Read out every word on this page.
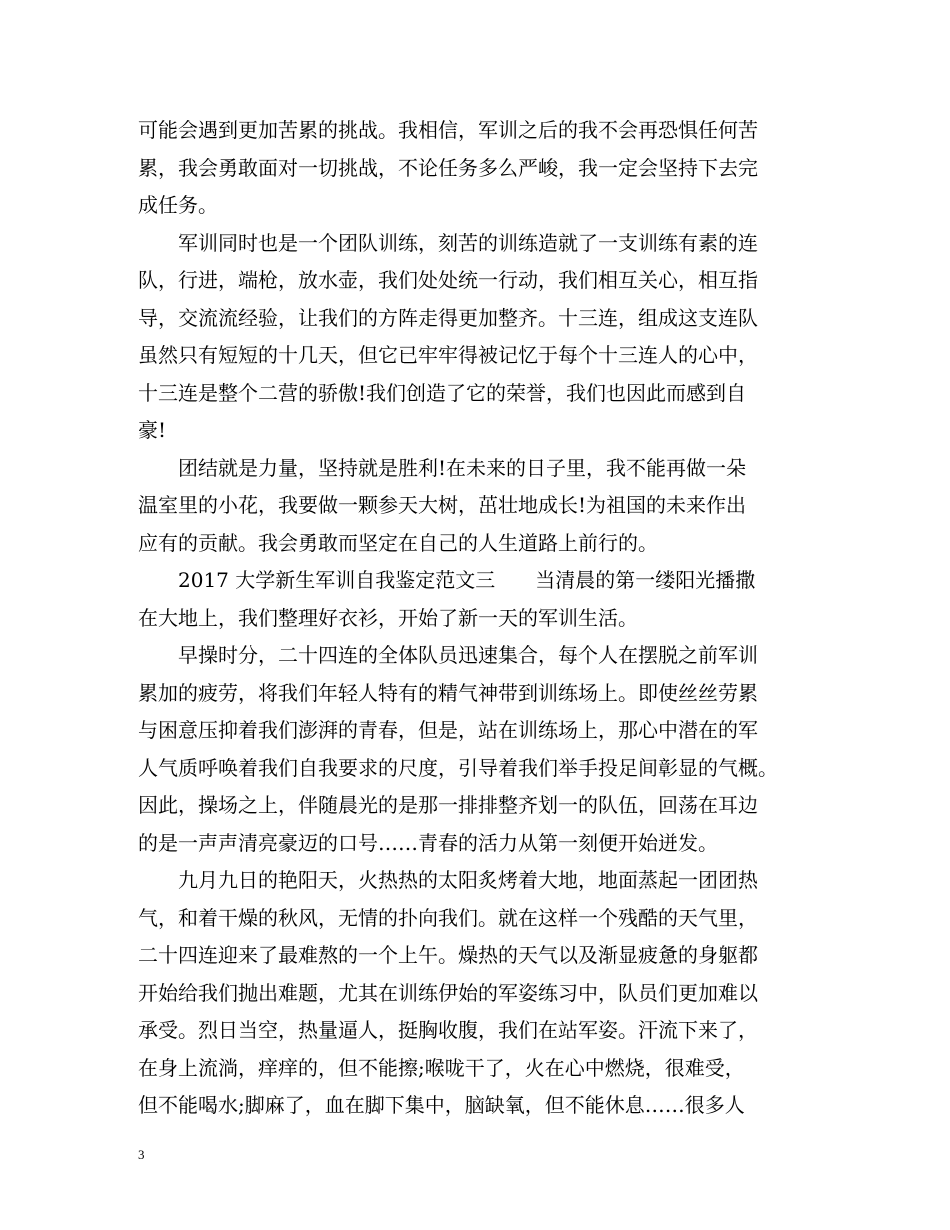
可能会遇到更加苦累的挑战。我相信，军训之后的我不会再恐惧任何苦
累，我会勇敢面对一切挑战，不论任务多么严峻，我一定会坚持下去完
成任务。
军训同时也是一个团队训练，刻苦的训练造就了一支训练有素的连
队，行进，端枪，放水壶，我们处处统一行动，我们相互关心，相互指
导，交流流经验，让我们的方阵走得更加整齐。十三连，组成这支连队
虽然只有短短的十几天，但它已牢牢得被记忆于每个十三连人的心中，
十三连是整个二营的骄傲!我们创造了它的荣誉，我们也因此而感到自
豪!
团结就是力量，坚持就是胜利!在未来的日子里，我不能再做一朵
温室里的小花，我要做一颗参天大树，茁壮地成长!为祖国的未来作出
应有的贡献。我会勇敢而坚定在自己的人生道路上前行的。
2017 大学新生军训自我鉴定范文三　　当清晨的第一缕阳光播撒
在大地上，我们整理好衣衫，开始了新一天的军训生活。
早操时分，二十四连的全体队员迅速集合，每个人在摆脱之前军训
累加的疲劳，将我们年轻人特有的精气神带到训练场上。即使丝丝劳累
与困意压抑着我们澎湃的青春，但是，站在训练场上，那心中潜在的军
人气质呼唤着我们自我要求的尺度，引导着我们举手投足间彰显的气概。
因此，操场之上，伴随晨光的是那一排排整齐划一的队伍，回荡在耳边
的是一声声清亮豪迈的口号……青春的活力从第一刻便开始迸发。
九月九日的艳阳天，火热热的太阳炙烤着大地，地面蒸起一团团热
气，和着干燥的秋风，无情的扑向我们。就在这样一个残酷的天气里，
二十四连迎来了最难熬的一个上午。燥热的天气以及渐显疲惫的身躯都
开始给我们抛出难题，尤其在训练伊始的军姿练习中，队员们更加难以
承受。烈日当空，热量逼人，挺胸收腹，我们在站军姿。汗流下来了，
在身上流淌，痒痒的，但不能擦;喉咙干了，火在心中燃烧，很难受，
但不能喝水;脚麻了，血在脚下集中，脑缺氧，但不能休息……很多人
3
